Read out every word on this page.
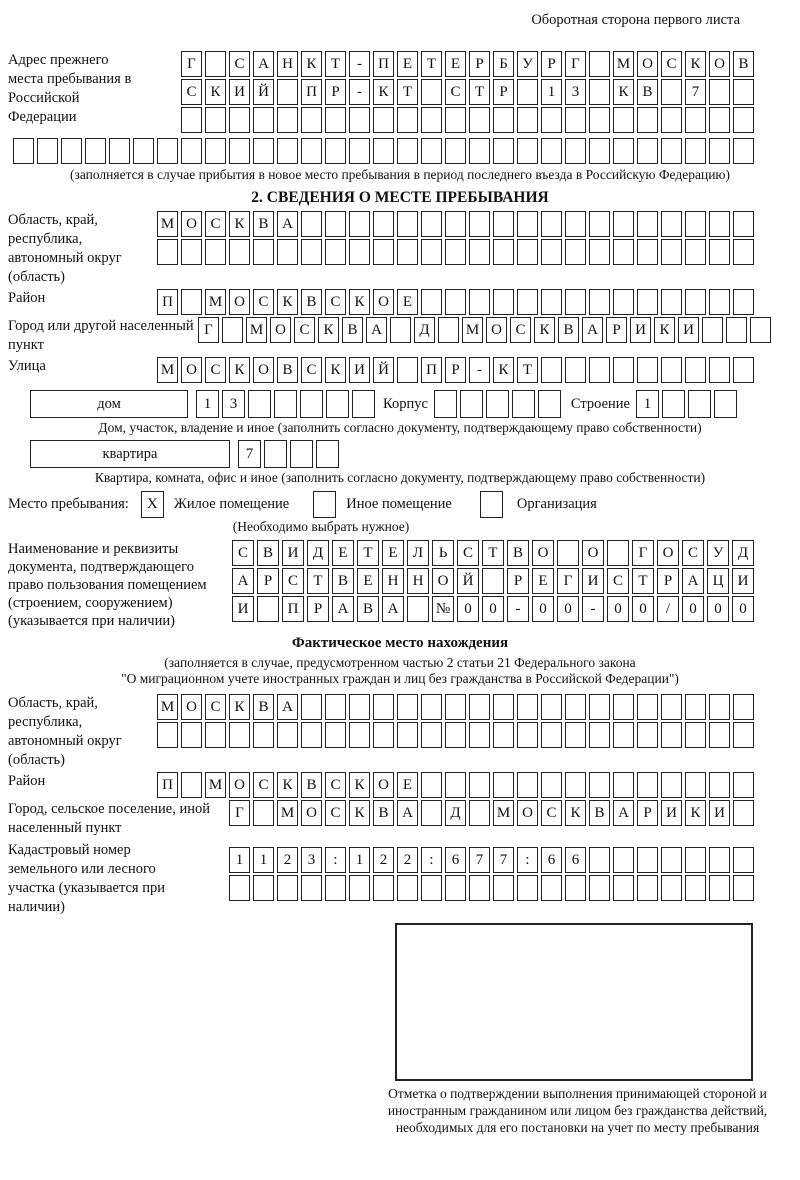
Оборотная сторона первого листа
Адрес прежнего места пребывания в Российской Федерации
Г	С А Н К Т	-	П Е Т Е	Р	Б У Р	Г	М О С К О В
С К И Й	П Р	-	К Т	С Т	Р	1	3	К В	7
(заполняется в случае прибытия в новое место пребывания в период последнего въезда в Российскую Федерацию)
2. СВЕДЕНИЯ О МЕСТЕ ПРЕБЫВАНИЯ
Область, край, республика, автономный округ (область)
М О С К В А
Район	П	М О С К В С К О Е
Город или другой населенный пункт
Г	М О С К В А	Д	М О С К В А Р И К И
Улица	М О С К О В С К И Й	П Р	-	К Т
дом	1	3	Корпус	Строение 1
Дом, участок, владение и иное (заполнить согласно документу, подтверждающему право собственности)
квартира	7
Квартира, комната, офис и иное (заполнить согласно документу, подтверждающему право собственности)
Место пребывания:	X	Жилое помещение	Иное помещение	Организация
(Необходимо выбрать нужное)
Наименование и реквизиты документа, подтверждающего право пользования помещением (строением, сооружением) (указывается при наличии)
С В И Д	Е	Т	Е	Л	Ь	С	Т	В О	О	Г	О С У Д
А	Р	С	Т	В	Е	Н Н О Й	Р	Е	Г	И С	Т	Р	А Ц И
И	П	Р	А В А	№ 0	0	-	0	0	-	0	0	/	0	0	0
Фактическое место нахождения
(заполняется в случае, предусмотренном частью 2 статьи 21 Федерального закона
"О миграционном учете иностранных граждан и лиц без гражданства в Российской Федерации")
Область, край, республика, автономный округ (область)
М О С К В А
Район	П	М О С К В С К О Е
Город, сельское поселение, иной населенный пункт
Г	М О С К В А	Д	М О С К В А Р И К И
Кадастровый номер земельного или лесного участка (указывается при наличии)
1	1	2	3	:	1	2	2	:	6	7	7	:	6	6
Отметка о подтверждении выполнения принимающей стороной и иностранным гражданином или лицом без гражданства действий, необходимых для его постановки на учет по месту пребывания
